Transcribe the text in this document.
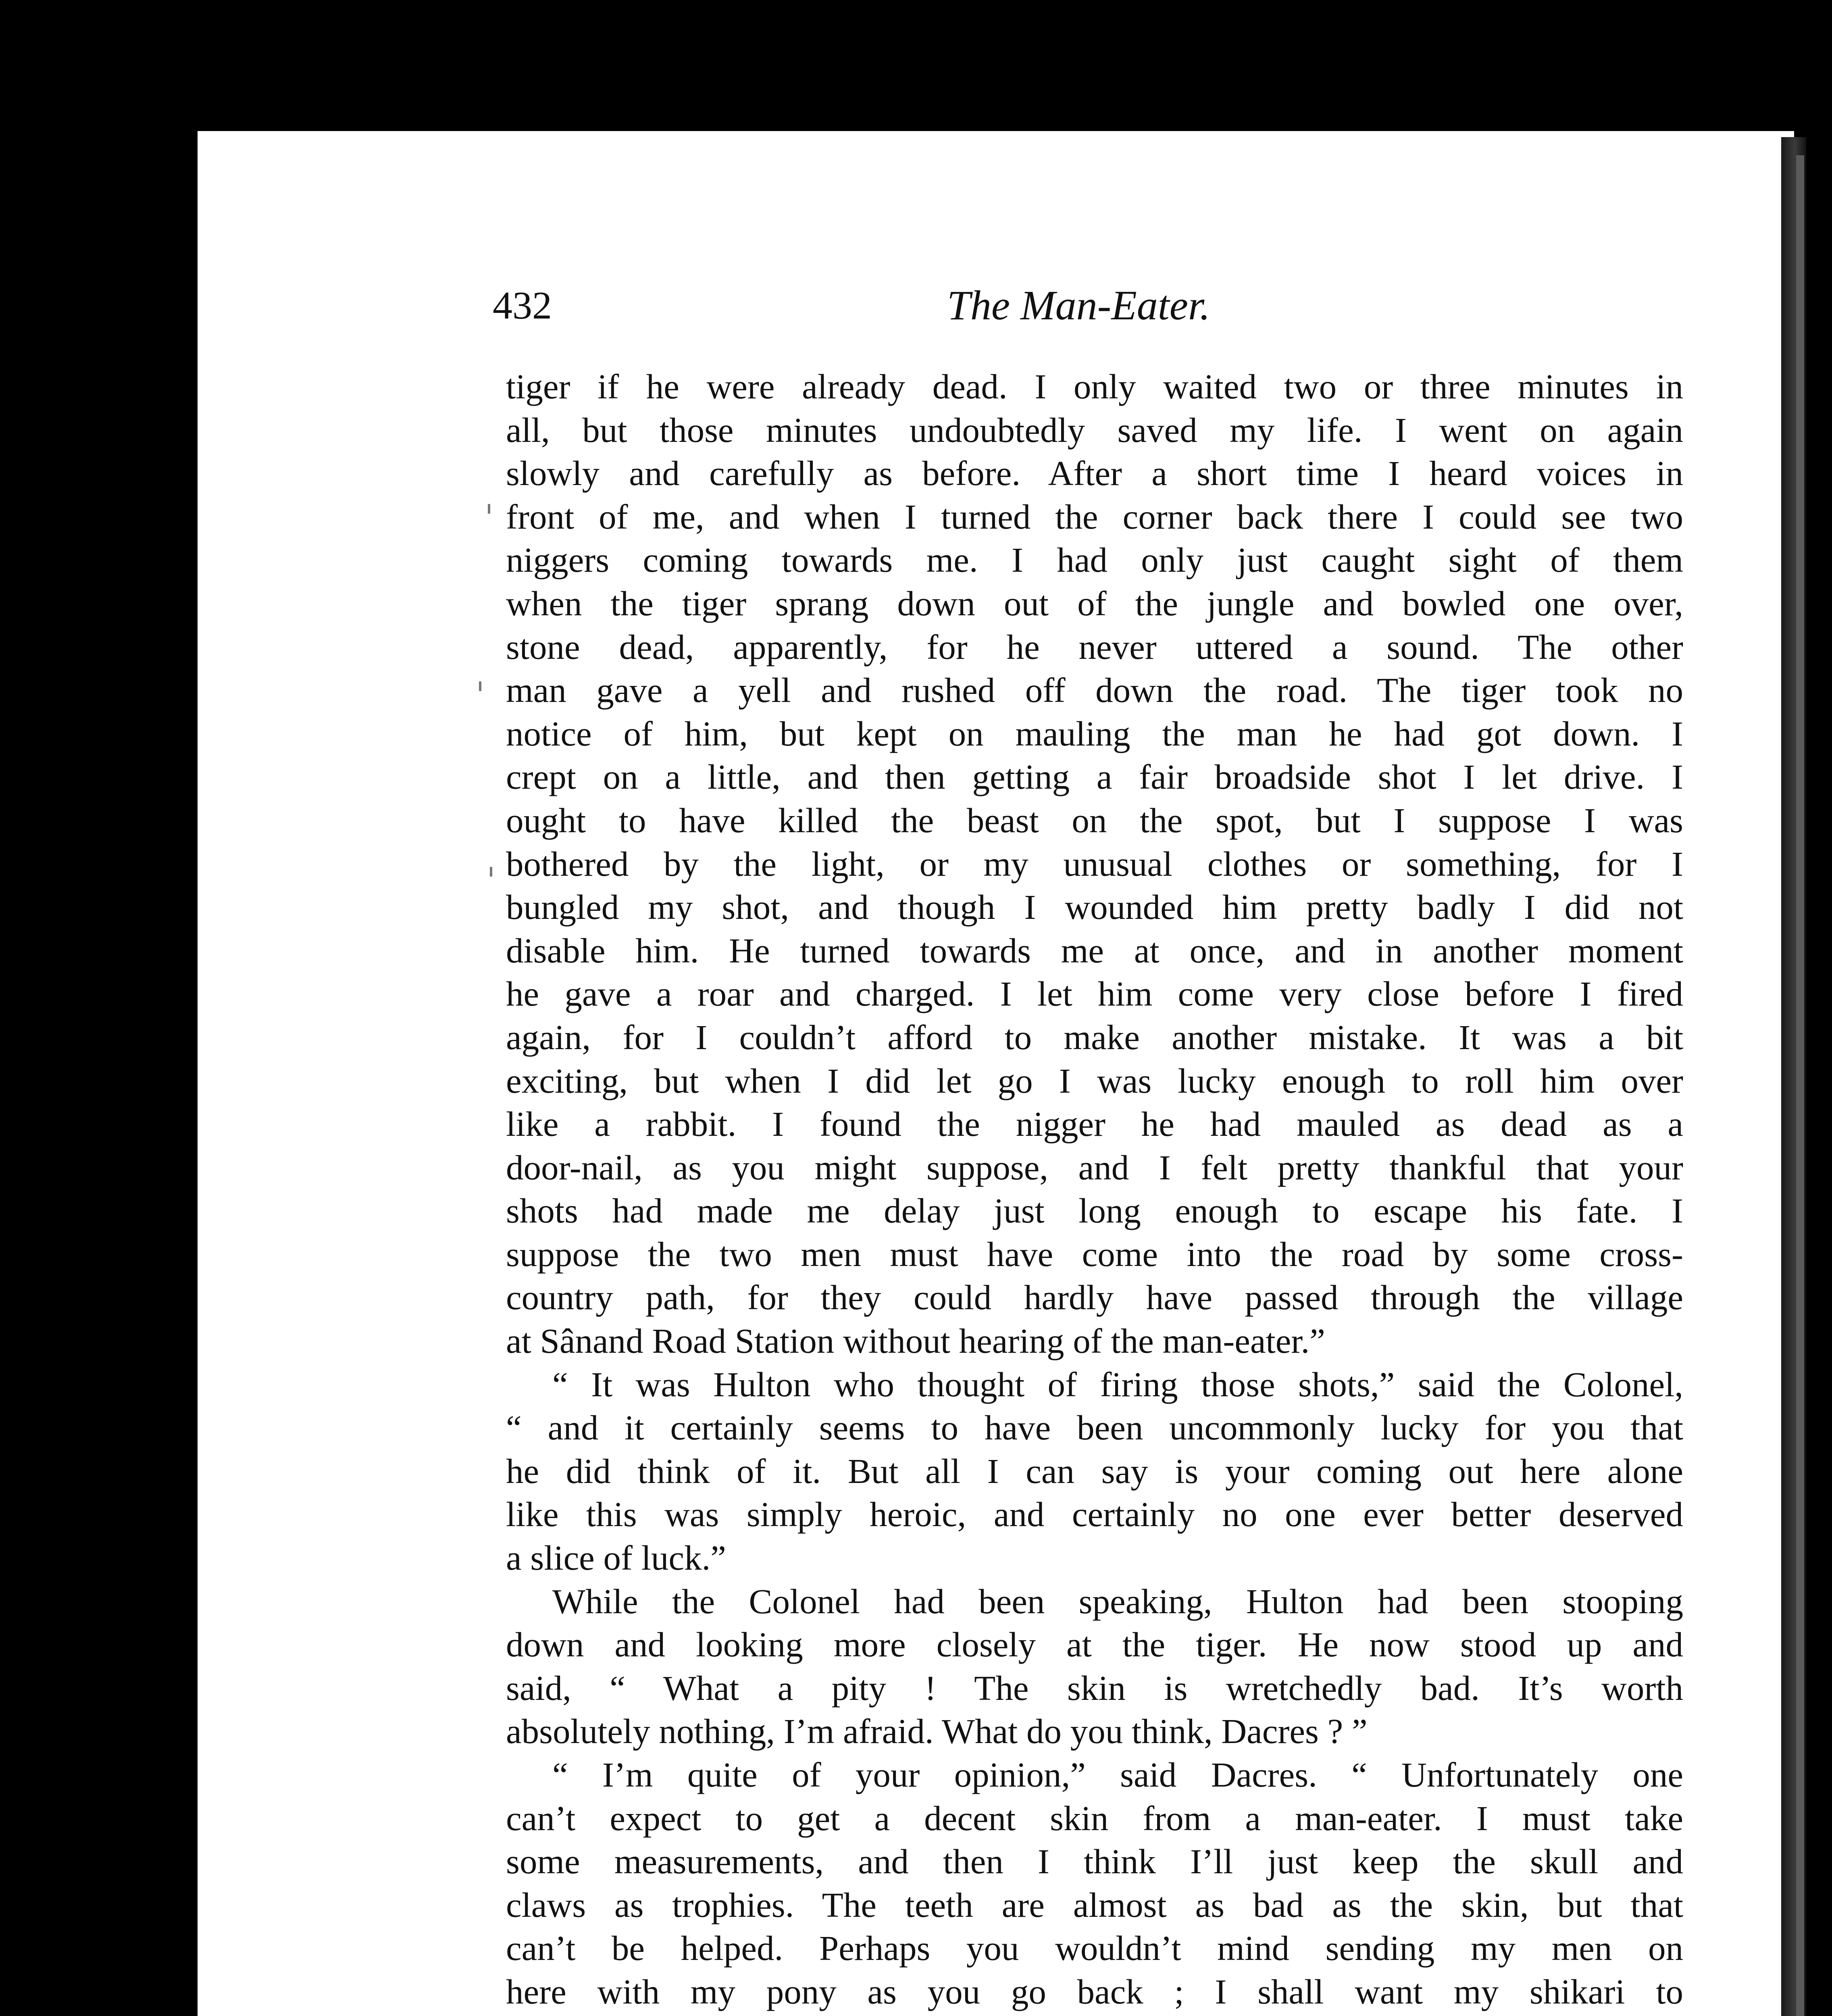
432	The Man-Eater.
tiger if he were already dead. I only waited two or three minutes in
all, but those minutes undoubtedly saved my life. I went on again
slowly and carefully as before. After a short time I heard voices in
front of me, and when I turned the corner back there I could see two
niggers coming towards me. I had only just caught sight of them
when the tiger sprang down out of the jungle and bowled one over,
stone dead, apparently, for he never uttered a sound. The other
man gave a yell and rushed off down the road. The tiger took no
notice of him, but kept on mauling the man he had got down. I
crept on a little, and then getting a fair broadside shot I let drive. I
ought to have killed the beast on the spot, but I suppose I was
bothered by the light, or my unusual clothes or something, for I
bungled my shot, and though I wounded him pretty badly I did not
disable him. He turned towards me at once, and in another moment
he gave a roar and charged. I let him come very close before I fired
again, for I couldn’t afford to make another mistake. It was a bit
exciting, but when I did let go I was lucky enough to roll him over
like a rabbit. I found the nigger he had mauled as dead as a
door-nail, as you might suppose, and I felt pretty thankful that your
shots had made me delay just long enough to escape his fate. I
suppose the two men must have come into the road by some cross-
country path, for they could hardly have passed through the village
at Sânand Road Station without hearing of the man-eater.”
“ It was Hulton who thought of firing those shots,” said the Colonel,
“ and it certainly seems to have been uncommonly lucky for you that
he did think of it. But all I can say is your coming out here alone
like this was simply heroic, and certainly no one ever better deserved
a slice of luck.”
While the Colonel had been speaking, Hulton had been stooping
down and looking more closely at the tiger. He now stood up and
said, “ What a pity ! The skin is wretchedly bad. It’s worth
absolutely nothing, I’m afraid. What do you think, Dacres ? ”
“ I’m quite of your opinion,” said Dacres. “ Unfortunately one
can’t expect to get a decent skin from a man-eater. I must take
some measurements, and then I think I’ll just keep the skull and
claws as trophies. The teeth are almost as bad as the skin, but that
can’t be helped. Perhaps you wouldn’t mind sending my men on
here with my pony as you go back ; I shall want my shikari to
